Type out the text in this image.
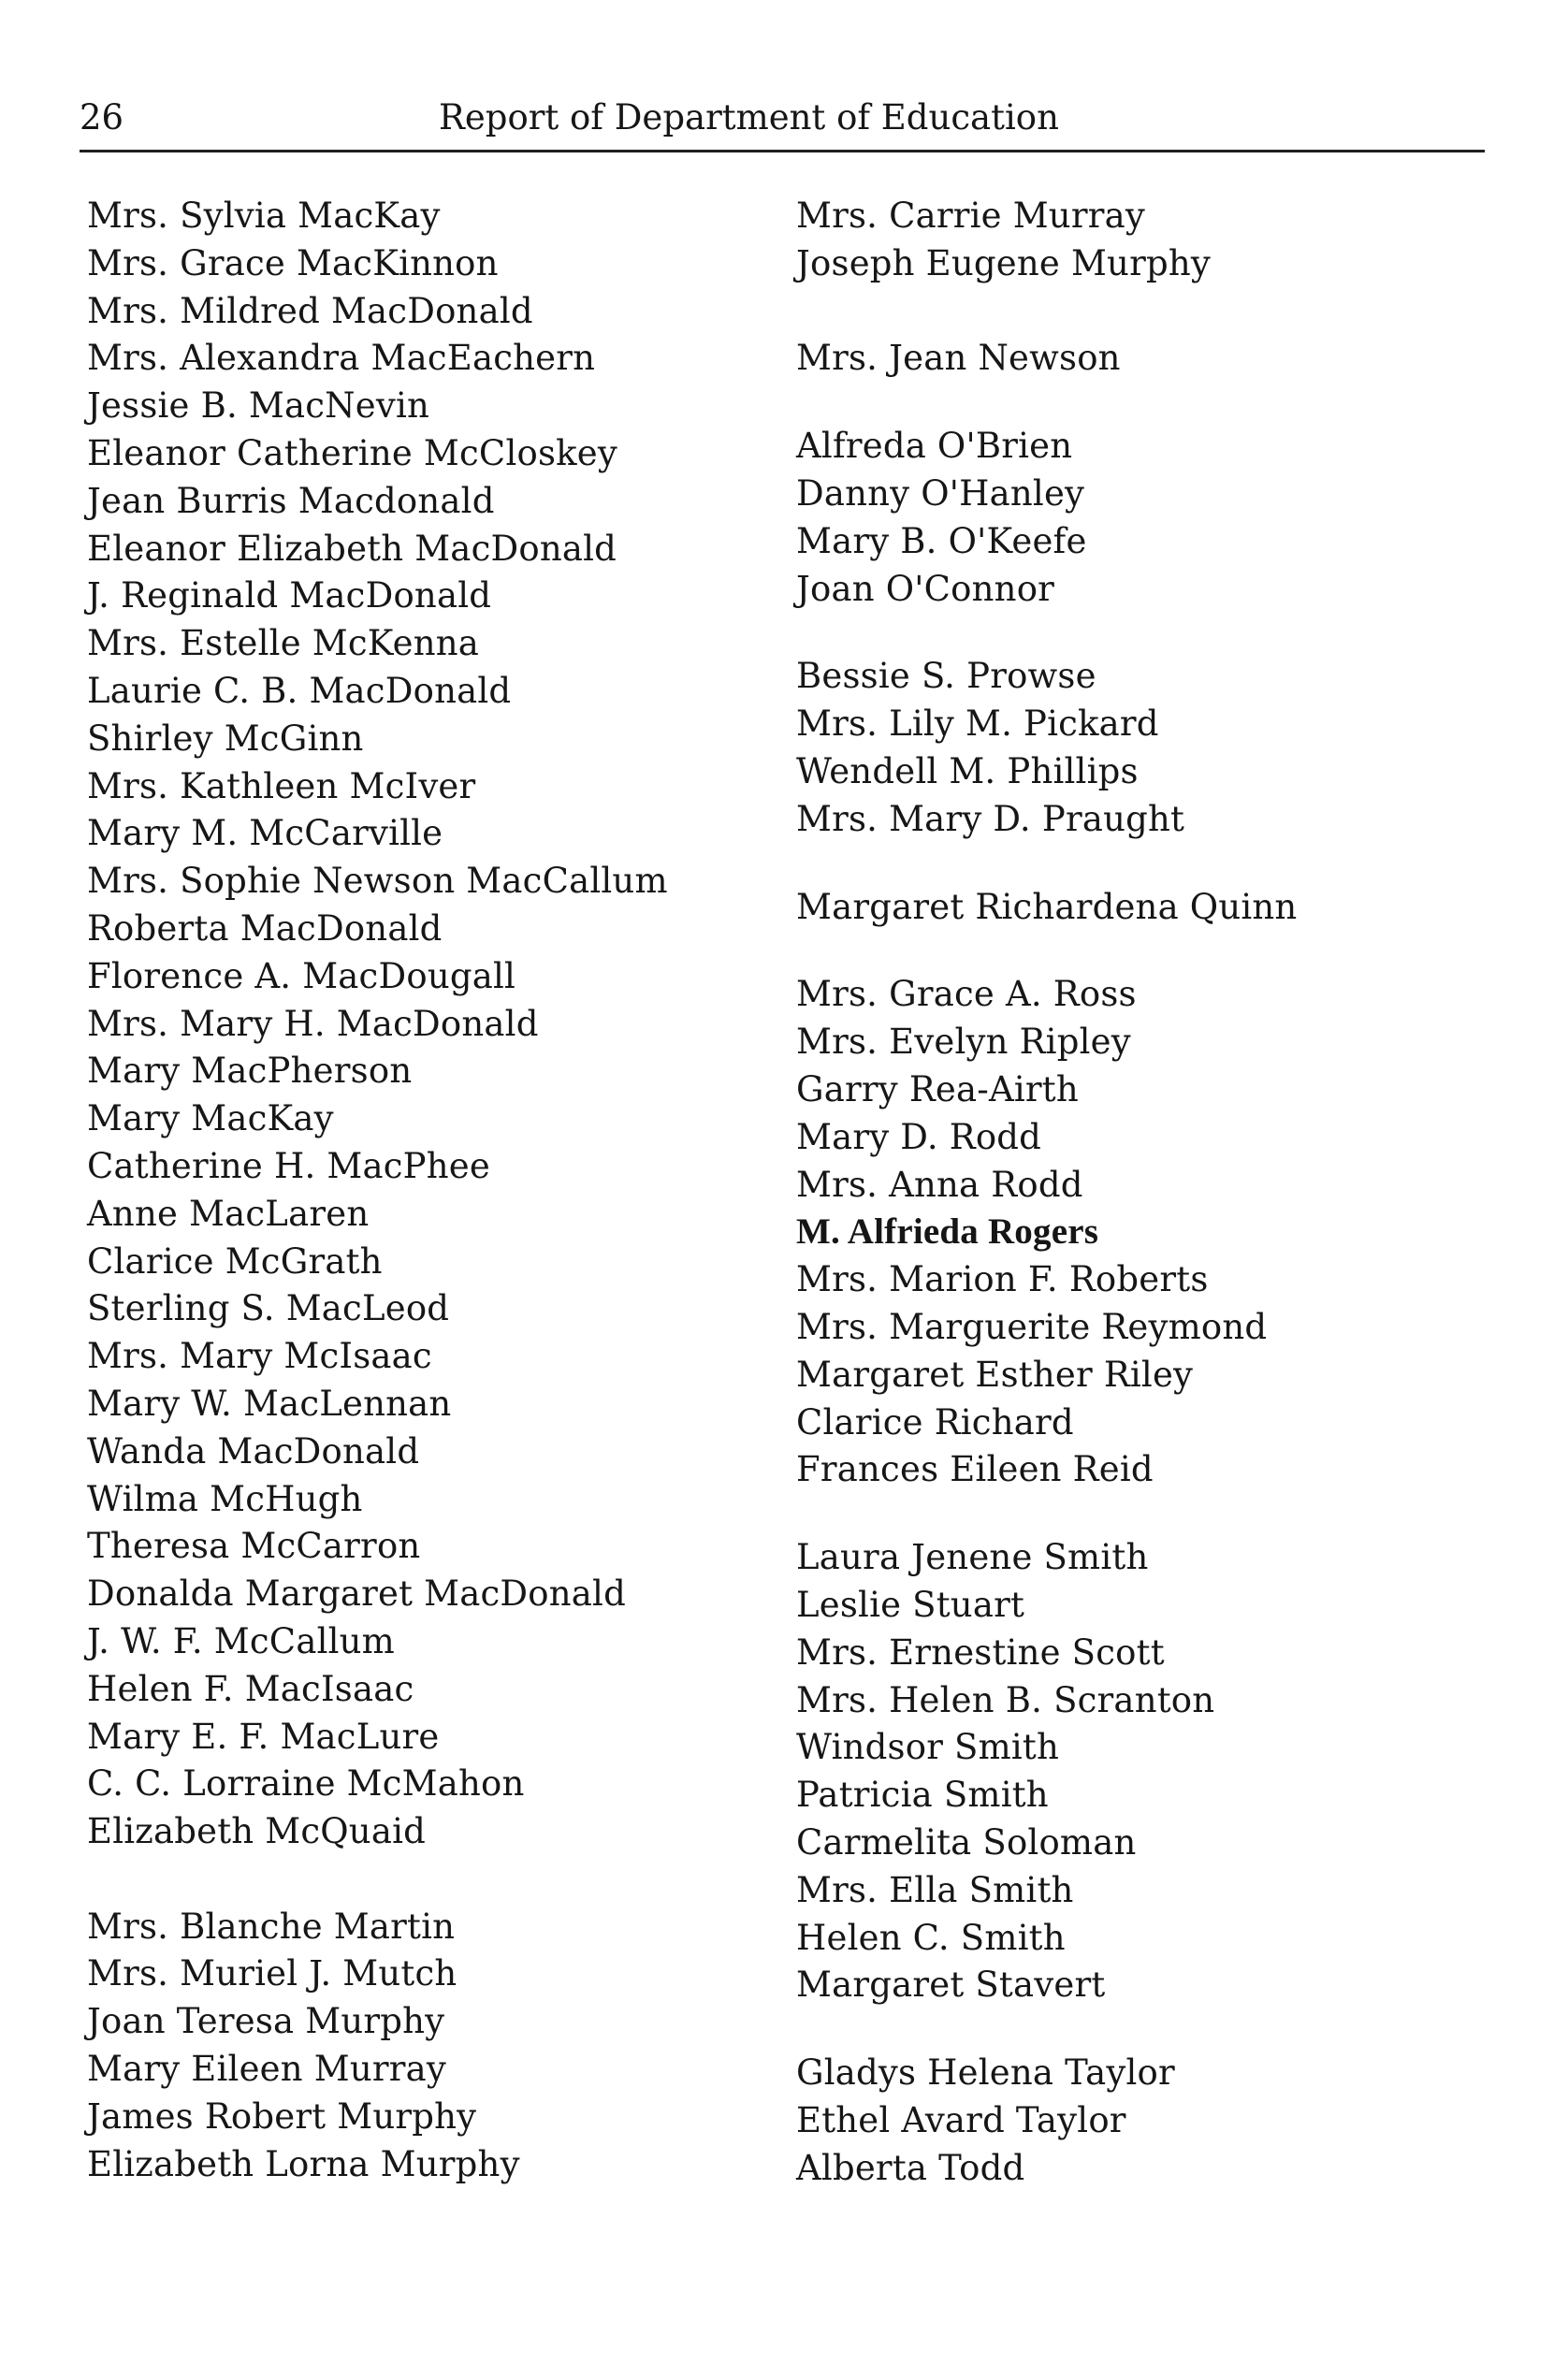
26	Report of Department of Education
Mrs. Sylvia MacKay
Mrs. Grace MacKinnon
Mrs. Mildred MacDonald
Mrs. Alexandra MacEachern
Jessie B. MacNevin
Eleanor Catherine McCloskey
Jean Burris Macdonald
Eleanor Elizabeth MacDonald
J. Reginald MacDonald
Mrs. Estelle McKenna
Laurie C. B. MacDonald
Shirley McGinn
Mrs. Kathleen McIver
Mary M. McCarville
Mrs. Sophie Newson MacCallum
Roberta MacDonald
Florence A. MacDougall
Mrs. Mary H. MacDonald
Mary MacPherson
Mary MacKay
Catherine H. MacPhee
Anne MacLaren
Clarice McGrath
Sterling S. MacLeod
Mrs. Mary McIsaac
Mary W. MacLennan
Wanda MacDonald
Wilma McHugh
Theresa McCarron
Donalda Margaret MacDonald
J. W. F. McCallum
Helen F. MacIsaac
Mary E. F. MacLure
C. C. Lorraine McMahon
Elizabeth McQuaid
Mrs. Blanche Martin
Mrs. Muriel J. Mutch
Joan Teresa Murphy
Mary Eileen Murray
James Robert Murphy
Elizabeth Lorna Murphy
Mrs. Carrie Murray
Joseph Eugene Murphy
Mrs. Jean Newson
Alfreda O'Brien
Danny O'Hanley
Mary B. O'Keefe
Joan O'Connor
Bessie S. Prowse
Mrs. Lily M. Pickard
Wendell M. Phillips
Mrs. Mary D. Praught
Margaret Richardena Quinn
Mrs. Grace A. Ross
Mrs. Evelyn Ripley
Garry Rea-Airth
Mary D. Rodd
Mrs. Anna Rodd
M. Alfrieda Rogers
Mrs. Marion F. Roberts
Mrs. Marguerite Reymond
Margaret Esther Riley
Clarice Richard
Frances Eileen Reid
Laura Jenene Smith
Leslie Stuart
Mrs. Ernestine Scott
Mrs. Helen B. Scranton
Windsor Smith
Patricia Smith
Carmelita Soloman
Mrs. Ella Smith
Helen C. Smith
Margaret Stavert
Gladys Helena Taylor
Ethel Avard Taylor
Alberta Todd
